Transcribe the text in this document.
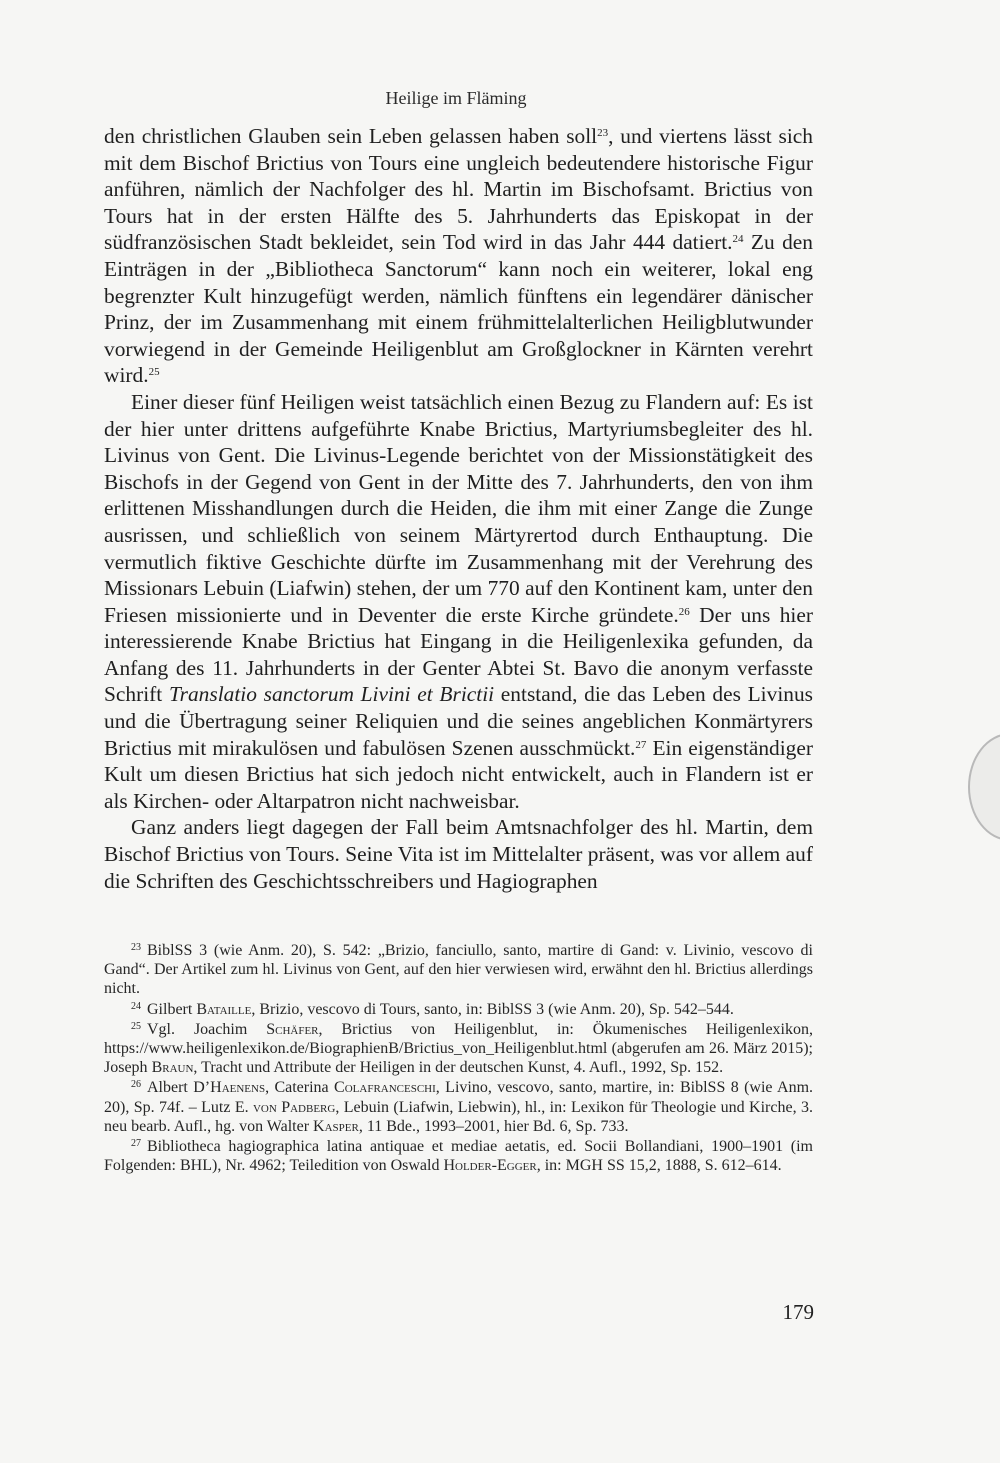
Heilige im Fläming

den christlichen Glauben sein Leben gelassen haben soll$^{23}$, und viertens lässt sich mit dem Bischof Brictius von Tours eine ungleich bedeutendere historische Figur anführen, nämlich der Nachfolger des hl. Martin im Bischofsamt. Brictius von Tours hat in der ersten Hälfte des 5. Jahrhunderts das Episkopat in der südfranzösischen Stadt bekleidet, sein Tod wird in das Jahr 444 datiert.$^{24}$ Zu den Einträgen in der „Bibliotheca Sanctorum“ kann noch ein weiterer, lokal eng begrenzter Kult hinzugefügt werden, nämlich fünftens ein legendärer dänischer Prinz, der im Zusammenhang mit einem frühmittelalterlichen Heiligblutwunder vorwiegend in der Gemeinde Heiligenblut am Großglockner in Kärnten verehrt wird.$^{25}$

Einer dieser fünf Heiligen weist tatsächlich einen Bezug zu Flandern auf: Es ist der hier unter drittens aufgeführte Knabe Brictius, Martyriumsbegleiter des hl. Livinus von Gent. Die Livinus-Legende berichtet von der Missionstätigkeit des Bischofs in der Gegend von Gent in der Mitte des 7. Jahrhunderts, den von ihm erlittenen Misshandlungen durch die Heiden, die ihm mit einer Zange die Zunge ausrissen, und schließlich von seinem Märtyrertod durch Enthauptung. Die vermutlich fiktive Geschichte dürfte im Zusammenhang mit der Verehrung des Missionars Lebuin (Liafwin) stehen, der um 770 auf den Kontinent kam, unter den Friesen missionierte und in Deventer die erste Kirche gründete.$^{26}$ Der uns hier interessierende Knabe Brictius hat Eingang in die Heiligenlexika gefunden, da Anfang des 11. Jahrhunderts in der Genter Abtei St. Bavo die anonym verfasste Schrift Translatio sanctorum Livini et Brictii entstand, die das Leben des Livinus und die Übertragung seiner Reliquien und die seines angeblichen Konmärtyrers Brictius mit mirakulösen und fabulösen Szenen ausschmückt.$^{27}$ Ein eigenständiger Kult um diesen Brictius hat sich jedoch nicht entwickelt, auch in Flandern ist er als Kirchen- oder Altarpatron nicht nachweisbar.

Ganz anders liegt dagegen der Fall beim Amtsnachfolger des hl. Martin, dem Bischof Brictius von Tours. Seine Vita ist im Mittelalter präsent, was vor allem auf die Schriften des Geschichtsschreibers und Hagiographen

$^{23}$ BiblSS 3 (wie Anm. 20), S. 542: „Brizio, fanciullo, santo, martire di Gand: v. Livinio, vescovo di Gand“. Der Artikel zum hl. Livinus von Gent, auf den hier verwiesen wird, erwähnt den hl. Brictius allerdings nicht.

$^{24}$ Gilbert Bataille, Brizio, vescovo di Tours, santo, in: BiblSS 3 (wie Anm. 20), Sp. 542–544.

$^{25}$ Vgl. Joachim Schäfer, Brictius von Heiligenblut, in: Ökumenisches Heiligenlexikon, https://www.heiligenlexikon.de/BiographienB/Brictius_von_Heiligenblut.html (abgerufen am 26. März 2015); Joseph Braun, Tracht und Attribute der Heiligen in der deutschen Kunst, 4. Aufl., 1992, Sp. 152.

$^{26}$ Albert D’Haenens, Caterina Colafranceschi, Livino, vescovo, santo, martire, in: BiblSS 8 (wie Anm. 20), Sp. 74f. – Lutz E. von Padberg, Lebuin (Liafwin, Liebwin), hl., in: Lexikon für Theologie und Kirche, 3. neu bearb. Aufl., hg. von Walter Kasper, 11 Bde., 1993–2001, hier Bd. 6, Sp. 733.

$^{27}$ Bibliotheca hagiographica latina antiquae et mediae aetatis, ed. Socii Bollandiani, 1900–1901 (im Folgenden: BHL), Nr. 4962; Teiledition von Oswald Holder-Egger, in: MGH SS 15,2, 1888, S. 612–614.

179
